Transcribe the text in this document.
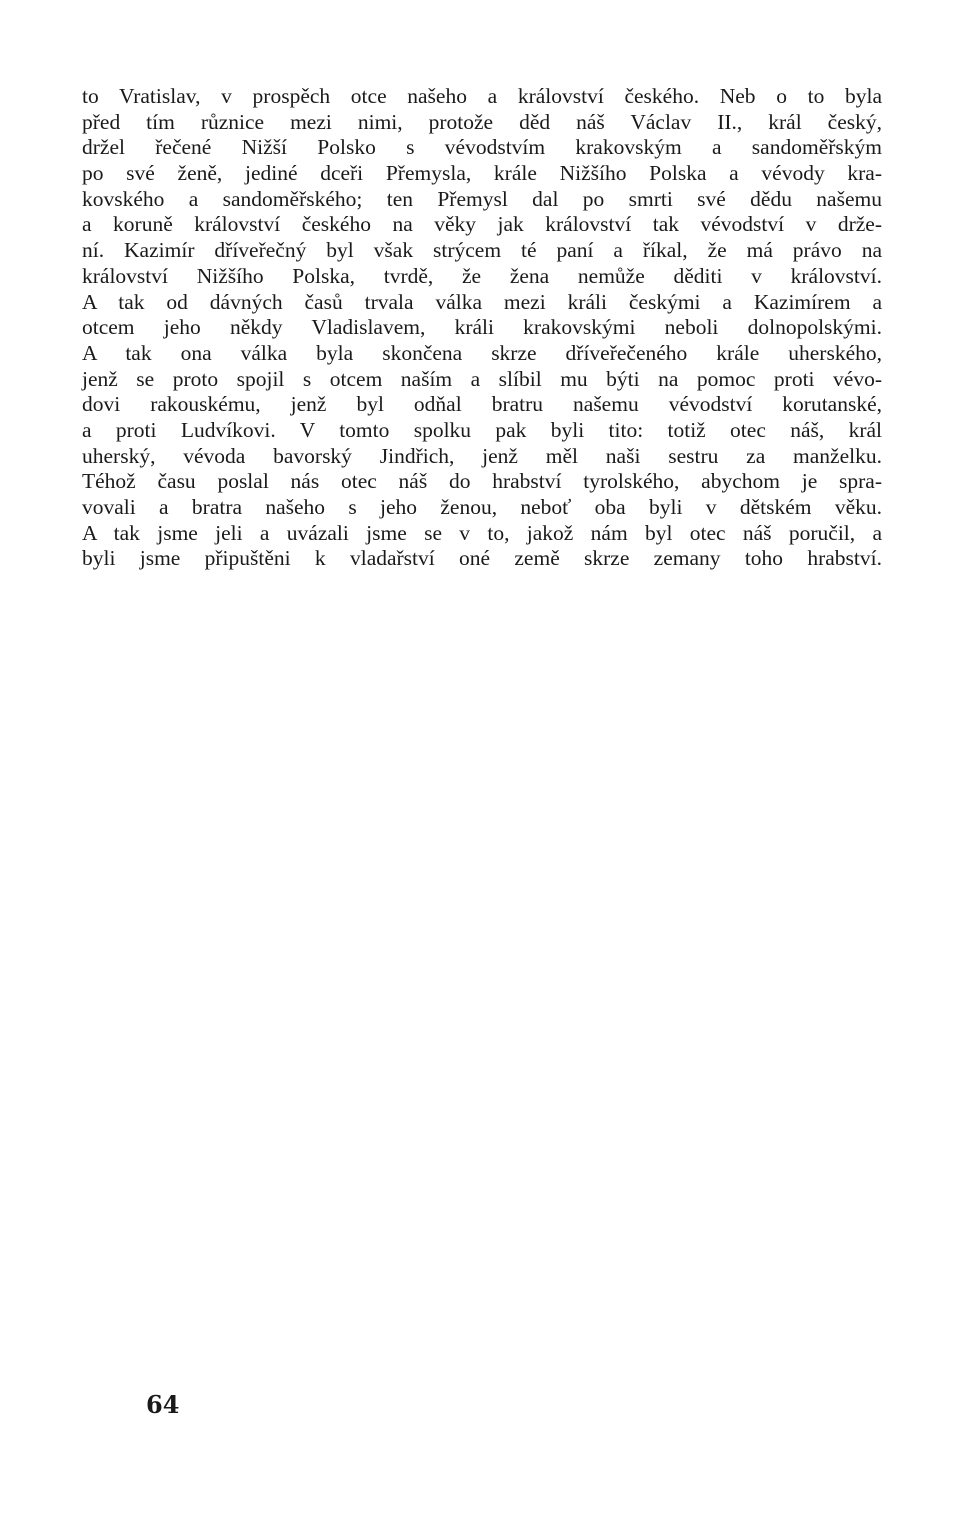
to Vratislav, v prospěch otce našeho a království českého. Neb o to byla
před tím různice mezi nimi, protože děd náš Václav II., král český,
držel řečené Nižší Polsko s vévodstvím krakovským a sandoměřským
po své ženě, jediné dceři Přemysla, krále Nižšího Polska a vévody kra-
kovského a sandoměřského; ten Přemysl dal po smrti své dědu našemu
a koruně království českého na věky jak království tak vévodství v drže-
ní. Kazimír dříveřečný byl však strýcem té paní a říkal, že má právo na
království Nižšího Polska, tvrdě, že žena nemůže děditi v království.
A tak od dávných časů trvala válka mezi králi českými a Kazimírem a
otcem jeho někdy Vladislavem, králi krakovskými neboli dolnopolskými.
A tak ona válka byla skončena skrze dříveřečeného krále uherského,
jenž se proto spojil s otcem naším a slíbil mu býti na pomoc proti vévo-
dovi rakouskému, jenž byl odňal bratru našemu vévodství korutanské,
a proti Ludvíkovi. V tomto spolku pak byli tito: totiž otec náš, král
uherský, vévoda bavorský Jindřich, jenž měl naši sestru za manželku.
Téhož času poslal nás otec náš do hrabství tyrolského, abychom je spra-
vovali a bratra našeho s jeho ženou, neboť oba byli v dětském věku.
A tak jsme jeli a uvázali jsme se v to, jakož nám byl otec náš poručil, a
byli jsme připuštěni k vladařství oné země skrze zemany toho hrabství.
64
